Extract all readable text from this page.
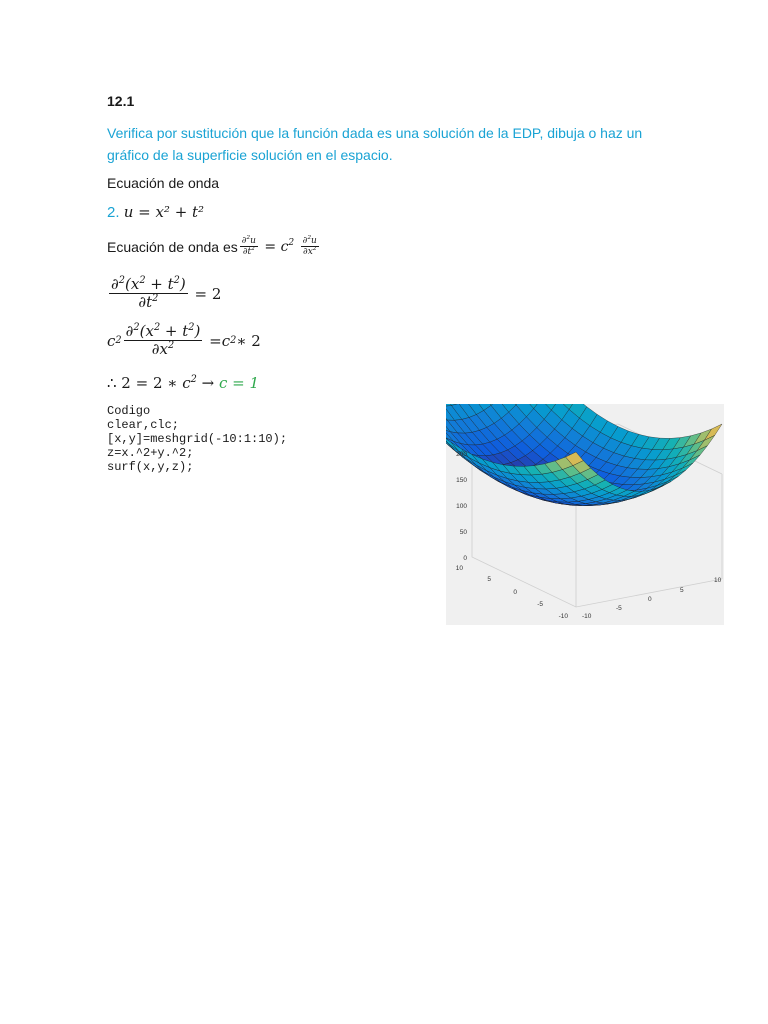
12.1
Verifica por sustitución que la función dada es una solución de la EDP, dibuja o haz un gráfico de la superficie solución en el espacio.
Ecuación de onda
2. u = x² + t²
Ecuación de onda es $\frac{\partial^2u}{\partial t^2} = c^2 \frac{\partial^2u}{\partial x^2}$
$\frac{\partial^2(x^2 + t^2)}{\partial t^2} = 2$
c $2 \frac{\partial^2(x^2 + t^2)}{\partial x^2} = c$ 2 ∗ 2
∴ 2 = 2 ∗ $c^2 \to c = 1$
Codigo
clear,clc;
[x,y]=meshgrid(-10:1:10);
z=x.^2+y.^2;
surf(x,y,z);
200
150
100
50
0
10
5
0
-5
-10 -10
-5
0
5
10
